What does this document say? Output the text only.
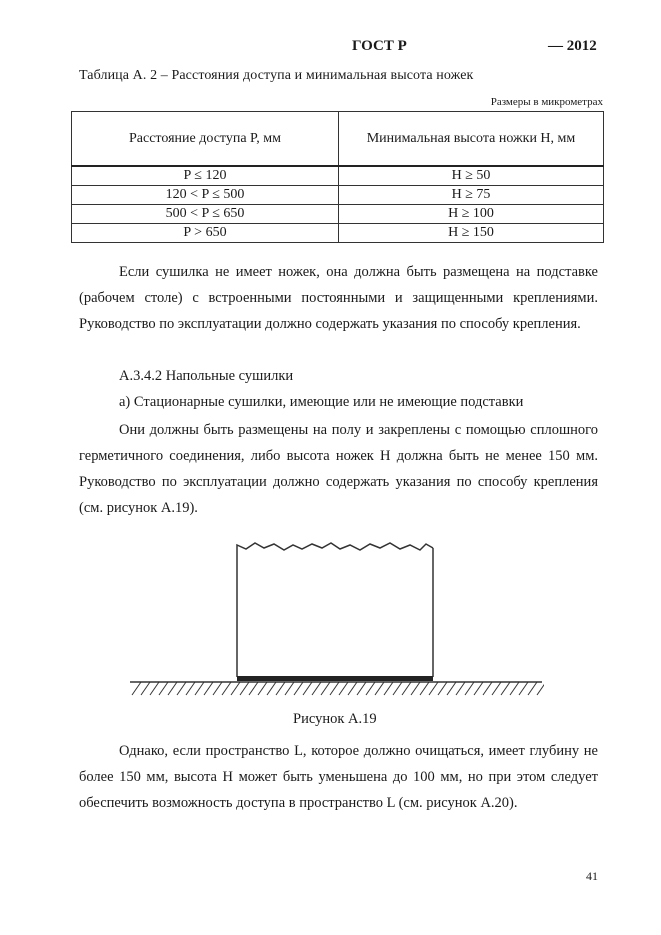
ГОСТ Р	— 2012
Таблица А. 2 – Расстояния доступа и минимальная высота ножек
Размеры в микрометрах
Расстояние доступа P, мм	Минимальная высота ножки H, мм
P ≤ 120	H ≥ 50
120 < P ≤ 500	H ≥ 75
500 < P ≤ 650	H ≥ 100
P > 650	H ≥ 150

Если сушилка не имеет ножек, она должна быть размещена на подставке (рабочем столе) с встроенными постоянными и защищенными креплениями. Руководство по эксплуатации должно содержать указания по способу крепления.

А.3.4.2 Напольные сушилки
а) Стационарные сушилки, имеющие или не имеющие подставки

Они должны быть размещены на полу и закреплены с помощью сплошного герметичного соединения, либо высота ножек H должна быть не менее 150 мм. Руководство по эксплуатации должно содержать указания по способу крепления (см. рисунок А.19).

Рисунок А.19

Однако, если пространство L, которое должно очищаться, имеет глубину не более 150 мм, высота H может быть уменьшена до 100 мм, но при этом следует обеспечить возможность доступа в пространство L (см. рисунок А.20).

41
